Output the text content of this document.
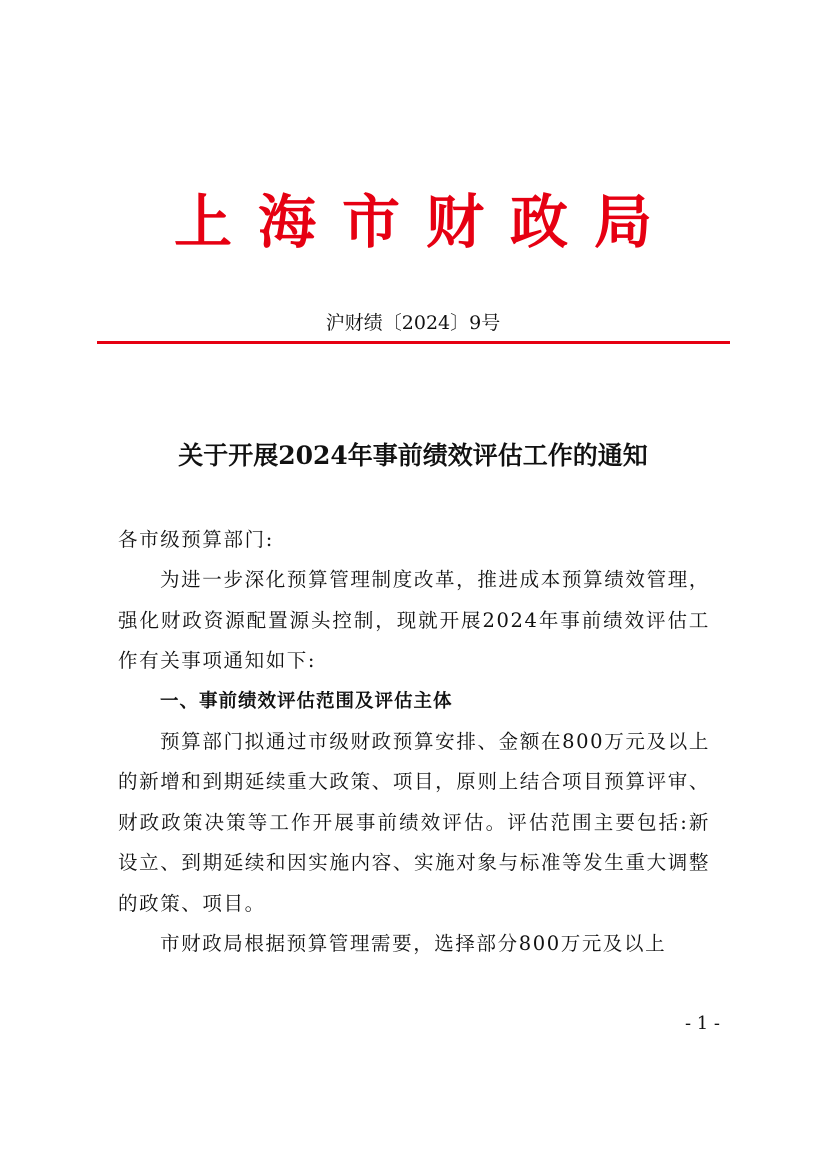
上海市财政局
沪财绩〔2024〕9号
关于开展2024年事前绩效评估工作的通知

各市级预算部门:

为进一步深化预算管理制度改革，推进成本预算绩效管理，强化财政资源配置源头控制，现就开展2024年事前绩效评估工作有关事项通知如下:

一、事前绩效评估范围及评估主体

预算部门拟通过市级财政预算安排、金额在800万元及以上的新增和到期延续重大政策、项目，原则上结合项目预算评审、财政政策决策等工作开展事前绩效评估。评估范围主要包括:新设立、到期延续和因实施内容、实施对象与标准等发生重大调整的政策、项目。

市财政局根据预算管理需要，选择部分800万元及以上

- 1 -
